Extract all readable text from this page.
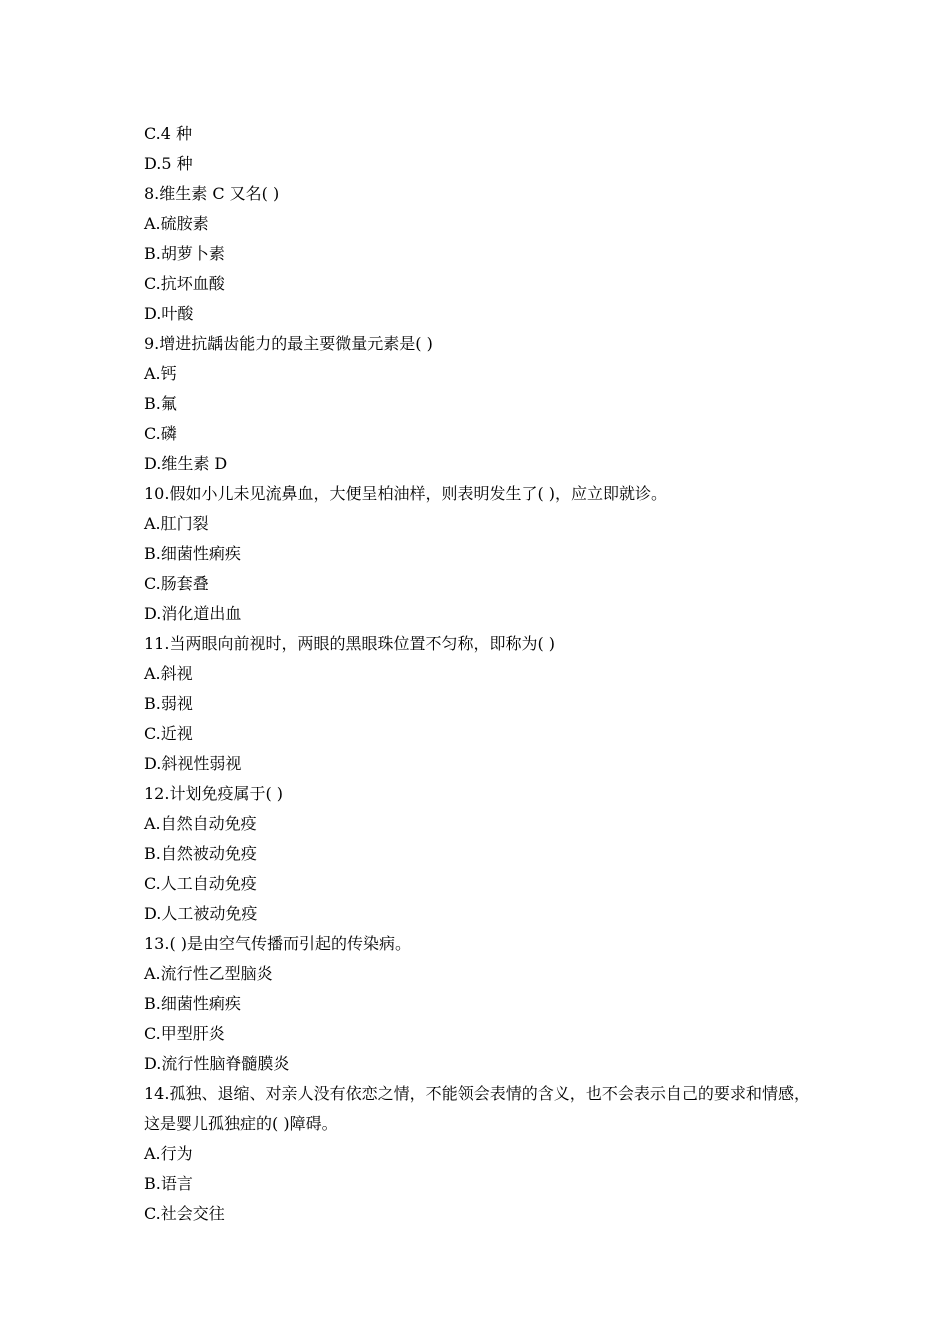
C.4 种
D.5 种
8.维生素 C 又名( )
A.硫胺素
B.胡萝卜素
C.抗坏血酸
D.叶酸
9.增进抗龋齿能力的最主要微量元素是( )
A.钙
B.氟
C.磷
D.维生素 D
10.假如小儿未见流鼻血，大便呈柏油样，则表明发生了( )，应立即就诊。
A.肛门裂
B.细菌性痢疾
C.肠套叠
D.消化道出血
11.当两眼向前视时，两眼的黑眼珠位置不匀称，即称为( )
A.斜视
B.弱视
C.近视
D.斜视性弱视
12.计划免疫属于( )
A.自然自动免疫
B.自然被动免疫
C.人工自动免疫
D.人工被动免疫
13.( )是由空气传播而引起的传染病。
A.流行性乙型脑炎
B.细菌性痢疾
C.甲型肝炎
D.流行性脑脊髓膜炎
14.孤独、退缩、对亲人没有依恋之情，不能领会表情的含义，也不会表示自己的要求和情感，这是婴儿孤独症的( )障碍。
A.行为
B.语言
C.社会交往
